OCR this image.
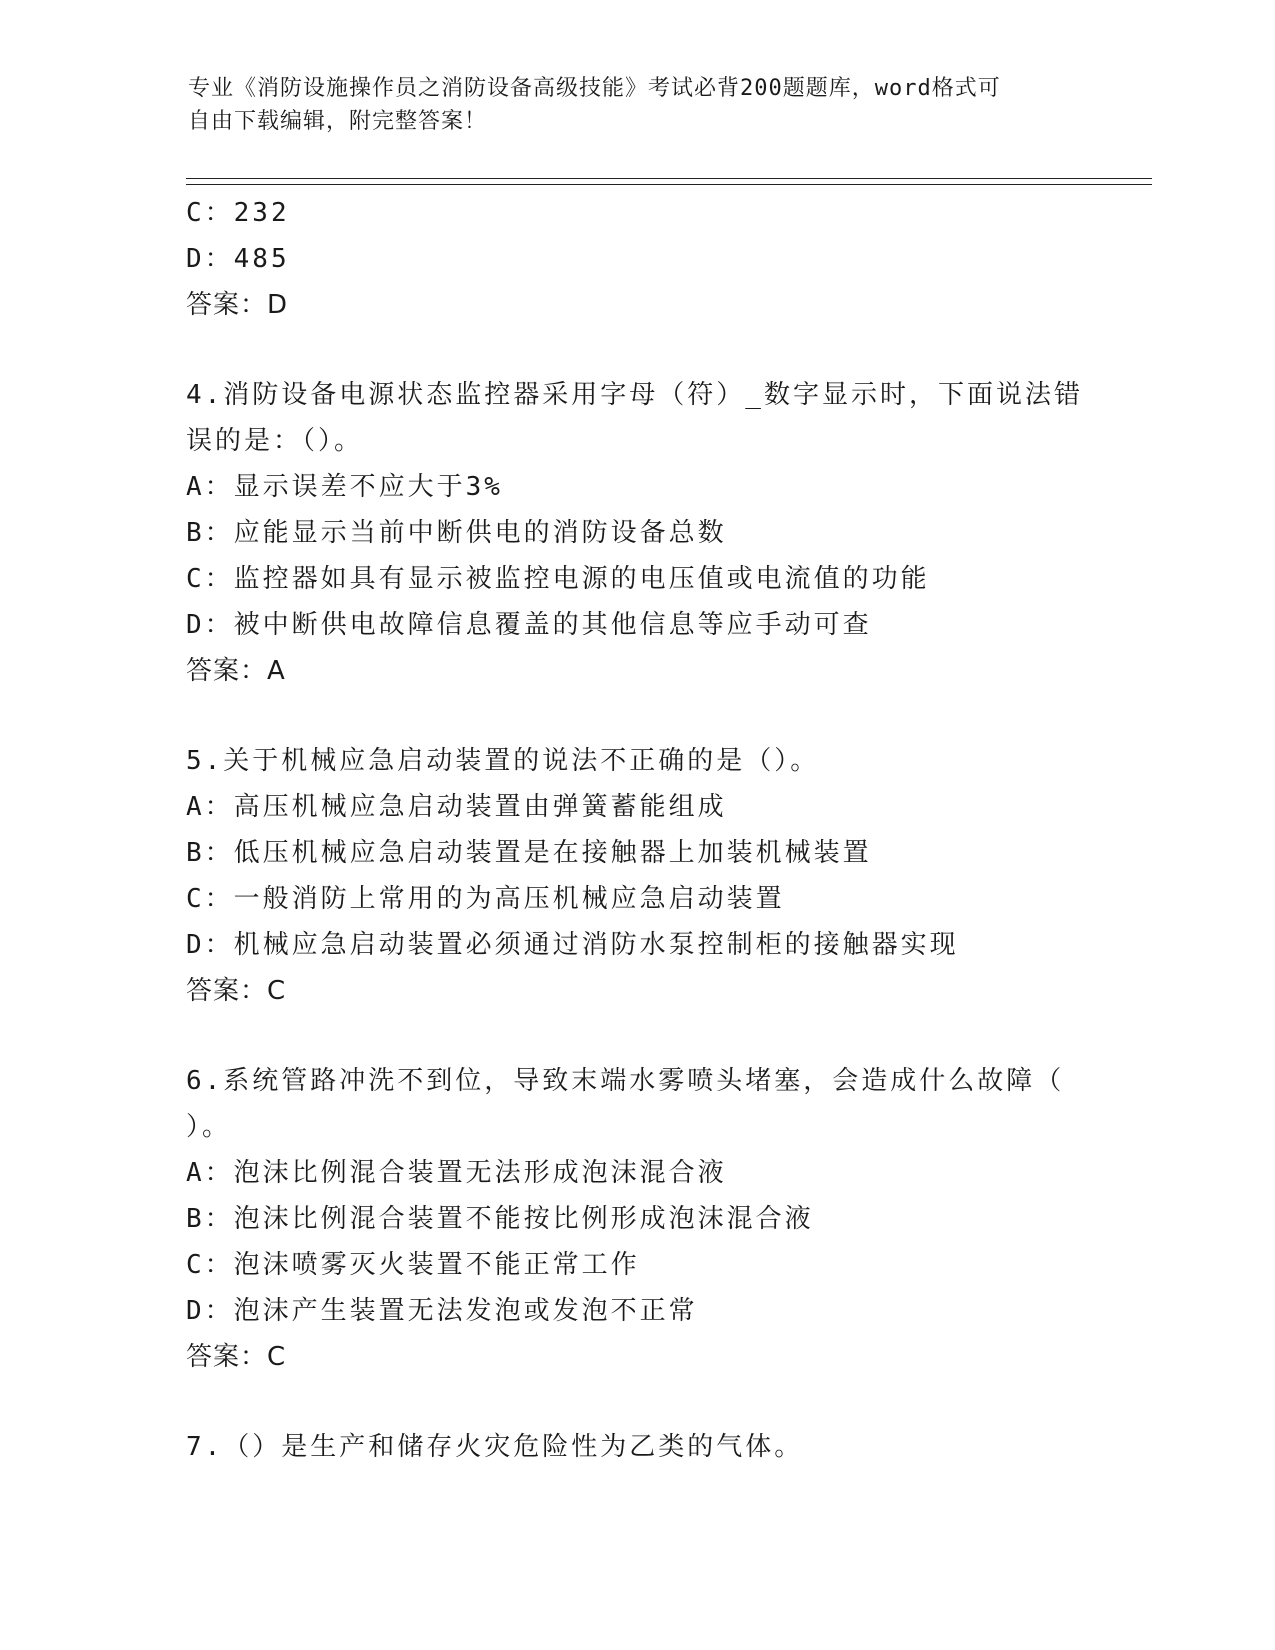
专业《消防设施操作员之消防设备高级技能》考试必背200题题库，word格式可
自由下载编辑，附完整答案！
C：232
D：485
答案：D
4.消防设备电源状态监控器采用字母（符）_数字显示时，下面说法错
误的是：（）。
A：显示误差不应大于3%
B：应能显示当前中断供电的消防设备总数
C：监控器如具有显示被监控电源的电压值或电流值的功能
D：被中断供电故障信息覆盖的其他信息等应手动可查
答案：A
5.关于机械应急启动装置的说法不正确的是（）。
A：高压机械应急启动装置由弹簧蓄能组成
B：低压机械应急启动装置是在接触器上加装机械装置
C：一般消防上常用的为高压机械应急启动装置
D：机械应急启动装置必须通过消防水泵控制柜的接触器实现
答案：C
6.系统管路冲洗不到位，导致末端水雾喷头堵塞，会造成什么故障（
）。
A：泡沫比例混合装置无法形成泡沫混合液
B：泡沫比例混合装置不能按比例形成泡沫混合液
C：泡沫喷雾灭火装置不能正常工作
D：泡沫产生装置无法发泡或发泡不正常
答案：C
7.（）是生产和储存火灾危险性为乙类的气体。
